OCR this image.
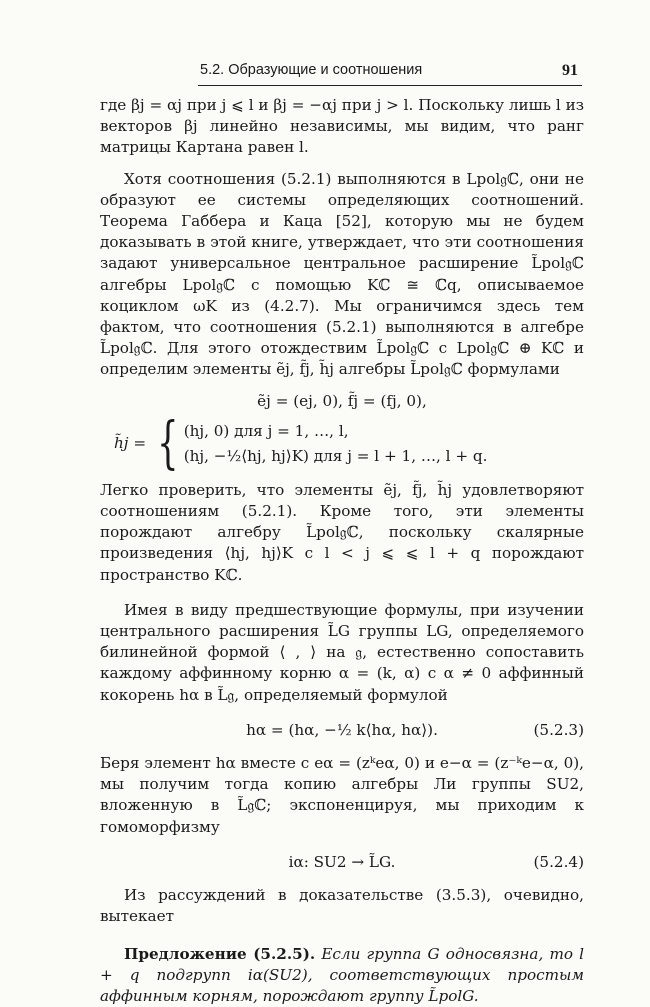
5.2. Образующие и соотношения	91

где βj = αj при j ⩽ l и βj = −αj при j > l. Поскольку лишь l из векторов βj линейно независимы, мы видим, что ранг матрицы Картана равен l.

Хотя соотношения (5.2.1) выполняются в Lpol𝔤ℂ, они не образуют ее системы определяющих соотношений. Теорема Габбера и Каца [52], которую мы не будем доказывать в этой книге, утверждает, что эти соотношения задают универсальное центральное расширение L̃pol𝔤ℂ алгебры Lpol𝔤ℂ с помощью Kℂ ≅ ℂq, описываемое коциклом ωK из (4.2.7). Мы ограничимся здесь тем фактом, что соотношения (5.2.1) выполняются в алгебре L̃pol𝔤ℂ. Для этого отождествим L̃pol𝔤ℂ с Lpol𝔤ℂ ⊕ Kℂ и определим элементы ẽj, f̃j, h̃j алгебры L̃pol𝔤ℂ формулами

ẽj = (ej, 0), f̃j = (fj, 0),

h̃j = { (hj, 0) для j = 1, …, l,
(hj, −½⟨hj, hj⟩K) для j = l + 1, …, l + q.

Легко проверить, что элементы ẽj, f̃j, h̃j удовлетворяют соотношениям (5.2.1). Кроме того, эти элементы порождают алгебру L̃pol𝔤ℂ, поскольку скалярные произведения ⟨hj, hj⟩K с l < j ⩽ ⩽ l + q порождают пространство Kℂ.

Имея в виду предшествующие формулы, при изучении центрального расширения L̃G группы LG, определяемого билинейной формой ⟨ , ⟩ на 𝔤, естественно сопоставить каждому аффинному корню α = (k, α) с α ≠ 0 аффинный кокорень hα в L̃𝔤, определяемый формулой

hα = (hα, −½ k⟨hα, hα⟩).	(5.2.3)

Беря элемент hα вместе с eα = (zᵏeα, 0) и e−α = (z⁻ᵏe−α, 0), мы получим тогда копию алгебры Ли группы SU2, вложенную в L̃𝔤ℂ; экспоненцируя, мы приходим к гомоморфизму

iα: SU2 → L̃G.	(5.2.4)

Из рассуждений в доказательстве (3.5.3), очевидно, вытекает

Предложение (5.2.5). Если группа G односвязна, то l + q подгрупп iα(SU2), соответствующих простым аффинным корням, порождают группу L̃polG.
